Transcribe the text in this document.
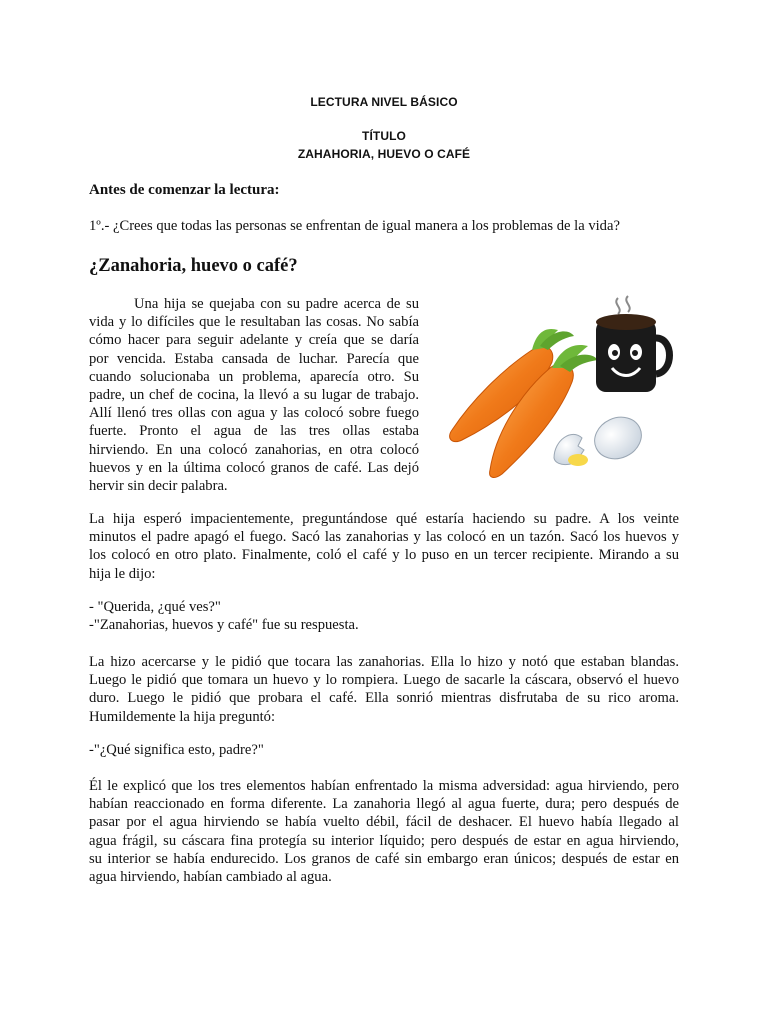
LECTURA NIVEL BÁSICO
TÍTULO
ZAHAHORIA, HUEVO O CAFÉ
Antes de comenzar la lectura:
1º.- ¿Crees que todas las personas se enfrentan de igual manera a los problemas de la vida?
¿Zanahoria, huevo o café?

Una hija se quejaba con su padre acerca de su

vida y lo difíciles que le resultaban las cosas. No sabía

cómo hacer para seguir adelante y creía que se daría

por vencida. Estaba cansada de luchar. Parecía que

cuando solucionaba un problema, aparecía otro. Su

padre, un chef de cocina, la llevó a su lugar de trabajo.

Allí llenó tres ollas con agua y las colocó sobre fuego

fuerte. Pronto el agua de las tres ollas estaba

hirviendo. En una colocó zanahorias, en otra colocó

huevos y en la última colocó granos de café. Las dejó

hervir sin decir palabra.

La hija esperó impacientemente, preguntándose qué estaría haciendo su padre. A los veinte

minutos el padre apagó el fuego. Sacó las zanahorias y las colocó en un tazón. Sacó los huevos y

los colocó en otro plato. Finalmente, coló el café y lo puso en un tercer recipiente. Mirando a su

hija le dijo:

- "Querida, ¿qué ves?"
-"Zanahorias, huevos y café" fue su respuesta.

La hizo acercarse y le pidió que tocara las zanahorias. Ella lo hizo y notó que estaban blandas.

Luego le pidió que tomara un huevo y lo rompiera. Luego de sacarle la cáscara, observó el huevo

duro. Luego le pidió que probara el café. Ella sonrió mientras disfrutaba de su rico aroma.

Humildemente la hija preguntó:

-"¿Qué significa esto, padre?"

Él le explicó que los tres elementos habían enfrentado la misma adversidad: agua hirviendo, pero

habían reaccionado en forma diferente. La zanahoria llegó al agua fuerte, dura; pero después de

pasar por el agua hirviendo se había vuelto débil, fácil de deshacer. El huevo había llegado al

agua frágil, su cáscara fina protegía su interior líquido; pero después de estar en agua hirviendo,

su interior se había endurecido. Los granos de café sin embargo eran únicos; después de estar en

agua hirviendo, habían cambiado al agua.
